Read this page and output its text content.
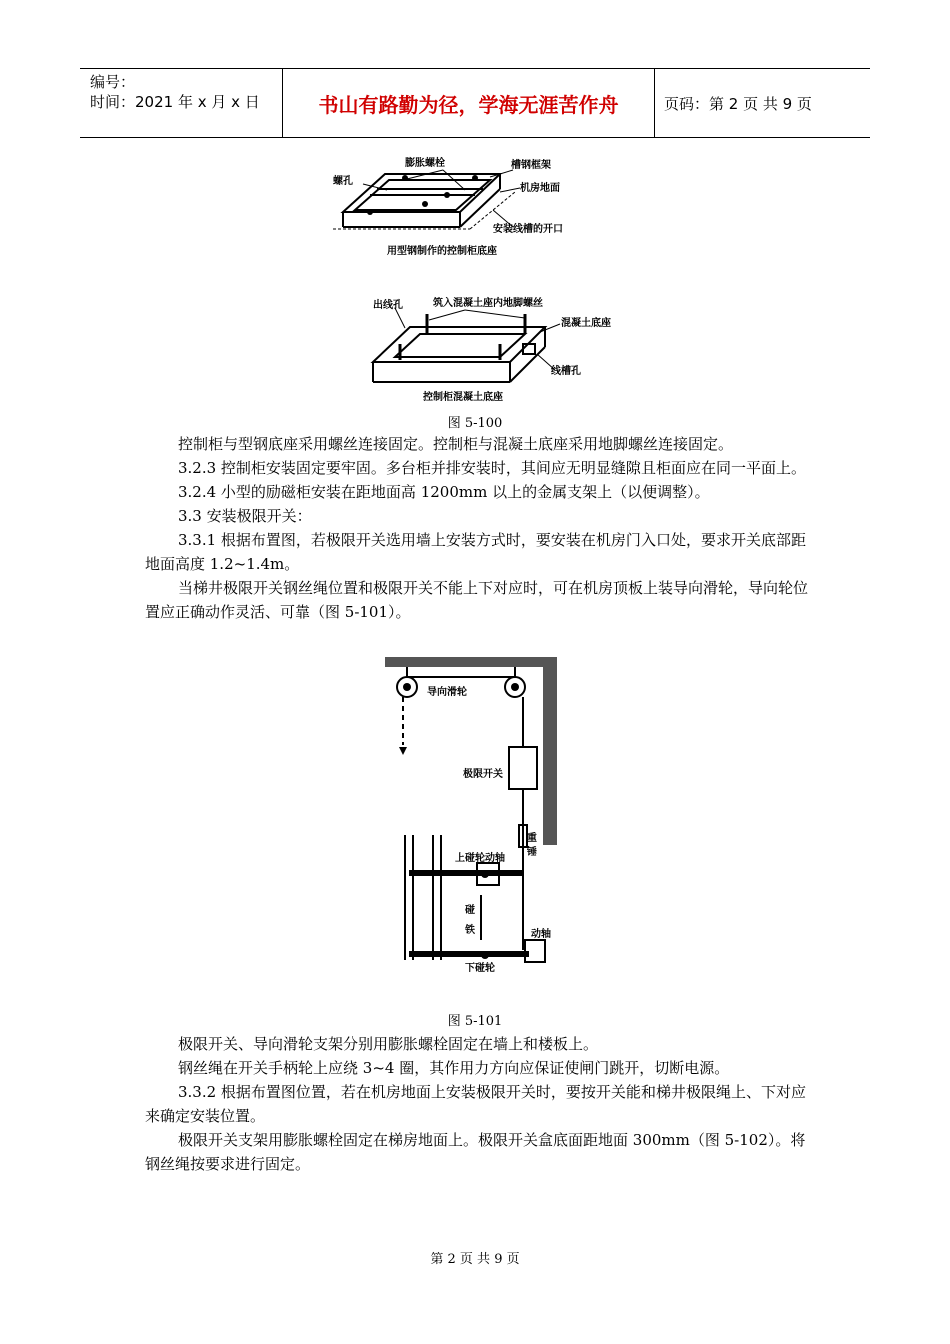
编号：
时间：2021 年 x 月 x 日	书山有路勤为径，学海无涯苦作舟	页码：第 2 页 共 9 页
膨胀螺栓	槽钢框架
螺孔
机房地面
安装线槽的开口
用型钢制作的控制柜底座
出线孔	筑入混凝土座内地脚螺丝
混凝土底座
线槽孔
控制柜混凝土底座
图 5-100

控制柜与型钢底座采用螺丝连接固定。控制柜与混凝土底座采用地脚螺丝连接固定。

3.2.3 控制柜安装固定要牢固。多台柜并排安装时，其间应无明显缝隙且柜面应在同一平面上。

3.2.4 小型的励磁柜安装在距地面高 1200mm 以上的金属支架上（以便调整）。

3.3 安装极限开关：

3.3.1 根据布置图，若极限开关选用墙上安装方式时，要安装在机房门入口处，要求开关底部距地面高度 1.2~1.4m。

当梯井极限开关钢丝绳位置和极限开关不能上下对应时，可在机房顶板上装导向滑轮，导向轮位置应正确动作灵活、可靠（图 5-101）。

导向滑轮
极限开关
重
锤
上碰轮动轴
碰
铁	动轴
下碰轮
图 5-101

极限开关、导向滑轮支架分别用膨胀螺栓固定在墙上和楼板上。

钢丝绳在开关手柄轮上应绕 3~4 圈，其作用力方向应保证使闸门跳开，切断电源。

3.3.2 根据布置图位置，若在机房地面上安装极限开关时，要按开关能和梯井极限绳上、下对应来确定安装位置。

极限开关支架用膨胀螺栓固定在梯房地面上。极限开关盒底面距地面 300mm（图 5-102）。将钢丝绳按要求进行固定。

第 2 页 共 9 页
